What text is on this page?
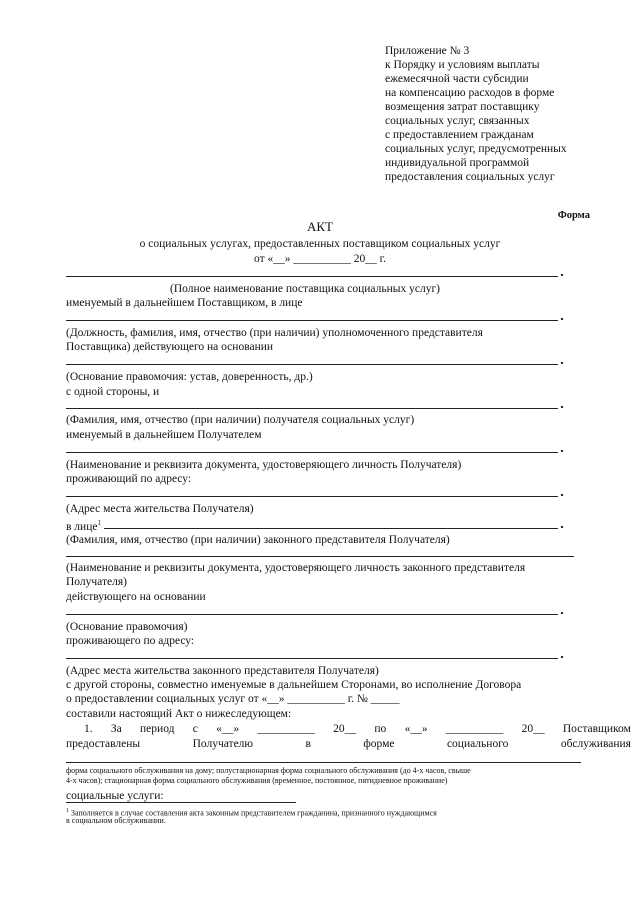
Приложение № 3
к Порядку и условиям выплаты
ежемесячной части субсидии
на компенсацию расходов в форме
возмещения затрат поставщику
социальных услуг, связанных
с предоставлением гражданам
социальных услуг, предусмотренных
индивидуальной программой
предоставления социальных услуг
Форма
АКТ
о социальных услугах, предоставленных поставщиком социальных услуг
от «__» __________ 20__ г.
(Полное наименование поставщика социальных услуг)
именуемый в дальнейшем Поставщиком, в лице
(Должность, фамилия, имя, отчество (при наличии) уполномоченного представителя
Поставщика) действующего на основании
(Основание правомочия: устав, доверенность, др.)
с одной стороны, и
(Фамилия, имя, отчество (при наличии) получателя социальных услуг)
именуемый в дальнейшем Получателем
(Наименование и реквизита документа, удостоверяющего личность Получателя)
проживающий по адресу:
(Адрес места жительства Получателя)
в лице$^1$
(Фамилия, имя, отчество (при наличии) законного представителя Получателя)
(Наименование и реквизиты документа, удостоверяющего личность законного представителя
Получателя)
действующего на основании
(Основание правомочия)
проживающего по адресу:
(Адрес места жительства законного представителя Получателя)
с другой стороны, совместно именуемые в дальнейшем Сторонами, во исполнение Договора
о предоставлении социальных услуг от «__» __________ г. № _____
составили настоящий Акт о нижеследующем:
1. За период с «__» __________ 20__ по «__» __________ 20__ Поставщиком
предоставлены	Получателю	в	форме	социального	обслуживания
форма социального обслуживания на дому; полустационарная форма социального обслуживания (до 4-х часов, свыше
4-х часов); стационарная форма социального обслуживания (временное, постоянное, пятидневное проживание)
социальные услуги:
$^1$ Заполняется в случае составления акта законным представителем гражданина, признанного нуждающимся
в социальном обслуживании.
